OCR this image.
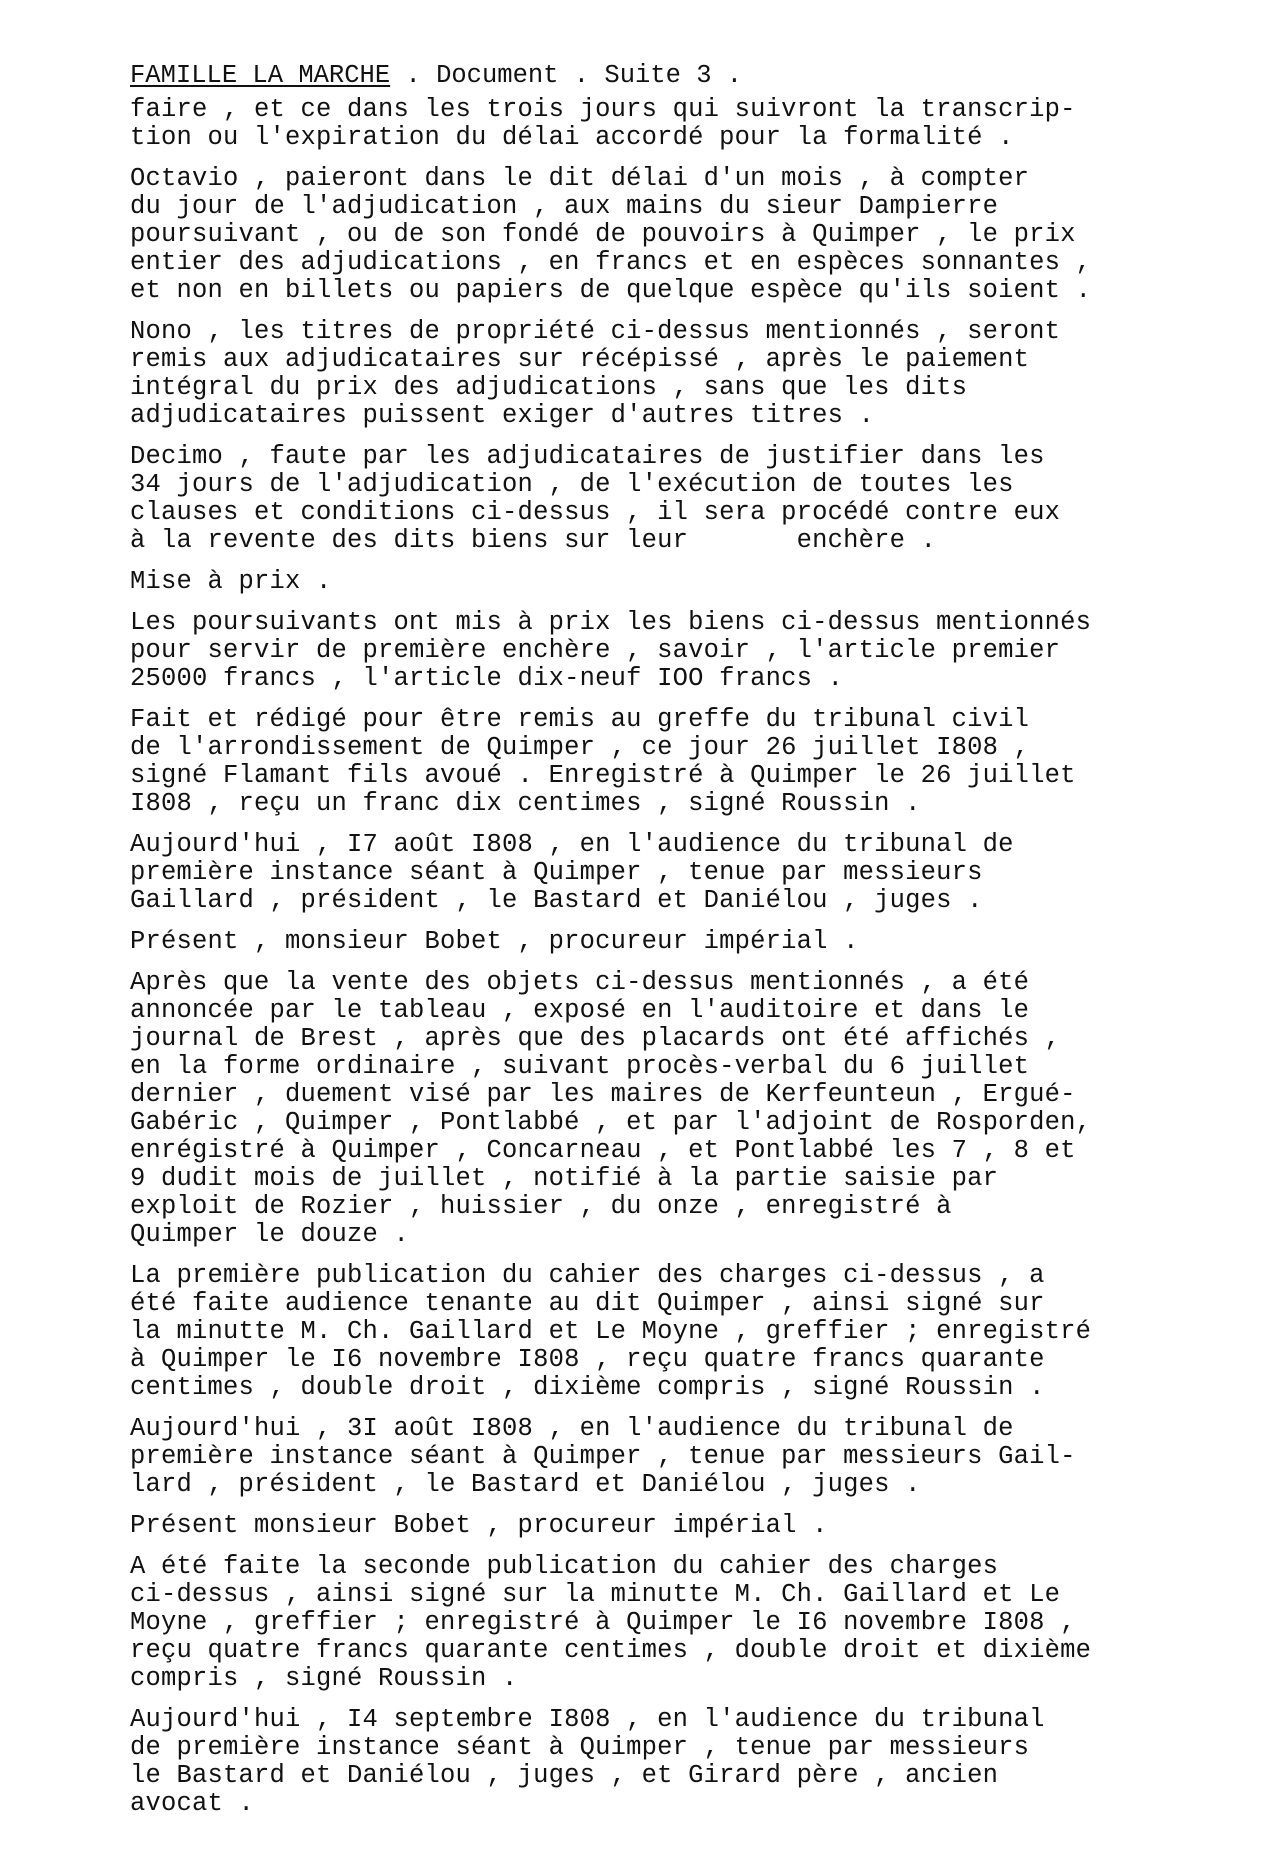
FAMILLE LA MARCHE . Document . Suite 3 .
faire , et ce dans les trois jours qui suivront la transcrip-
tion ou l'expiration du délai accordé pour la formalité .
Octavio , paieront dans le dit délai d'un mois , à compter
du jour de l'adjudication , aux mains du sieur Dampierre
poursuivant , ou de son fondé de pouvoirs à Quimper , le prix
entier des adjudications , en francs et en espèces sonnantes ,
et non en billets ou papiers de quelque espèce qu'ils soient .
Nono , les titres de propriété ci-dessus mentionnés , seront
remis aux adjudicataires sur récépissé , après le paiement
intégral du prix des adjudications , sans que les dits
adjudicataires puissent exiger d'autres titres .
Decimo , faute par les adjudicataires de justifier dans les
34 jours de l'adjudication , de l'exécution de toutes les
clauses et conditions ci-dessus , il sera procédé contre eux
à la revente des dits biens sur leur       enchère .
Mise à prix .
Les poursuivants ont mis à prix les biens ci-dessus mentionnés
pour servir de première enchère , savoir , l'article premier
25000 francs , l'article dix-neuf IOO francs .
Fait et rédigé pour être remis au greffe du tribunal civil
de l'arrondissement de Quimper , ce jour 26 juillet I808 ,
signé Flamant fils avoué . Enregistré à Quimper le 26 juillet
I808 , reçu un franc dix centimes , signé Roussin .
Aujourd'hui , I7 août I808 , en l'audience du tribunal de
première instance séant à Quimper , tenue par messieurs
Gaillard , président , le Bastard et Daniélou , juges .
Présent , monsieur Bobet , procureur impérial .
Après que la vente des objets ci-dessus mentionnés , a été
annoncée par le tableau , exposé en l'auditoire et dans le
journal de Brest , après que des placards ont été affichés ,
en la forme ordinaire , suivant procès-verbal du 6 juillet
dernier , duement visé par les maires de Kerfeunteun , Ergué-
Gabéric , Quimper , Pontlabbé , et par l'adjoint de Rosporden,
enrégistré à Quimper , Concarneau , et Pontlabbé les 7 , 8 et
9 dudit mois de juillet , notifié à la partie saisie par
exploit de Rozier , huissier , du onze , enregistré à
Quimper le douze .
La première publication du cahier des charges ci-dessus , a
été faite audience tenante au dit Quimper , ainsi signé sur
la minutte M. Ch. Gaillard et Le Moyne , greffier ; enregistré
à Quimper le I6 novembre I808 , reçu quatre francs quarante
centimes , double droit , dixième compris , signé Roussin .
Aujourd'hui , 3I août I808 , en l'audience du tribunal de
première instance séant à Quimper , tenue par messieurs Gail-
lard , président , le Bastard et Daniélou , juges .
Présent monsieur Bobet , procureur impérial .
A été faite la seconde publication du cahier des charges
ci-dessus , ainsi signé sur la minutte M. Ch. Gaillard et Le
Moyne , greffier ; enregistré à Quimper le I6 novembre I808 ,
reçu quatre francs quarante centimes , double droit et dixième
compris , signé Roussin .
Aujourd'hui , I4 septembre I808 , en l'audience du tribunal
de première instance séant à Quimper , tenue par messieurs
le Bastard et Daniélou , juges , et Girard père , ancien
avocat .
